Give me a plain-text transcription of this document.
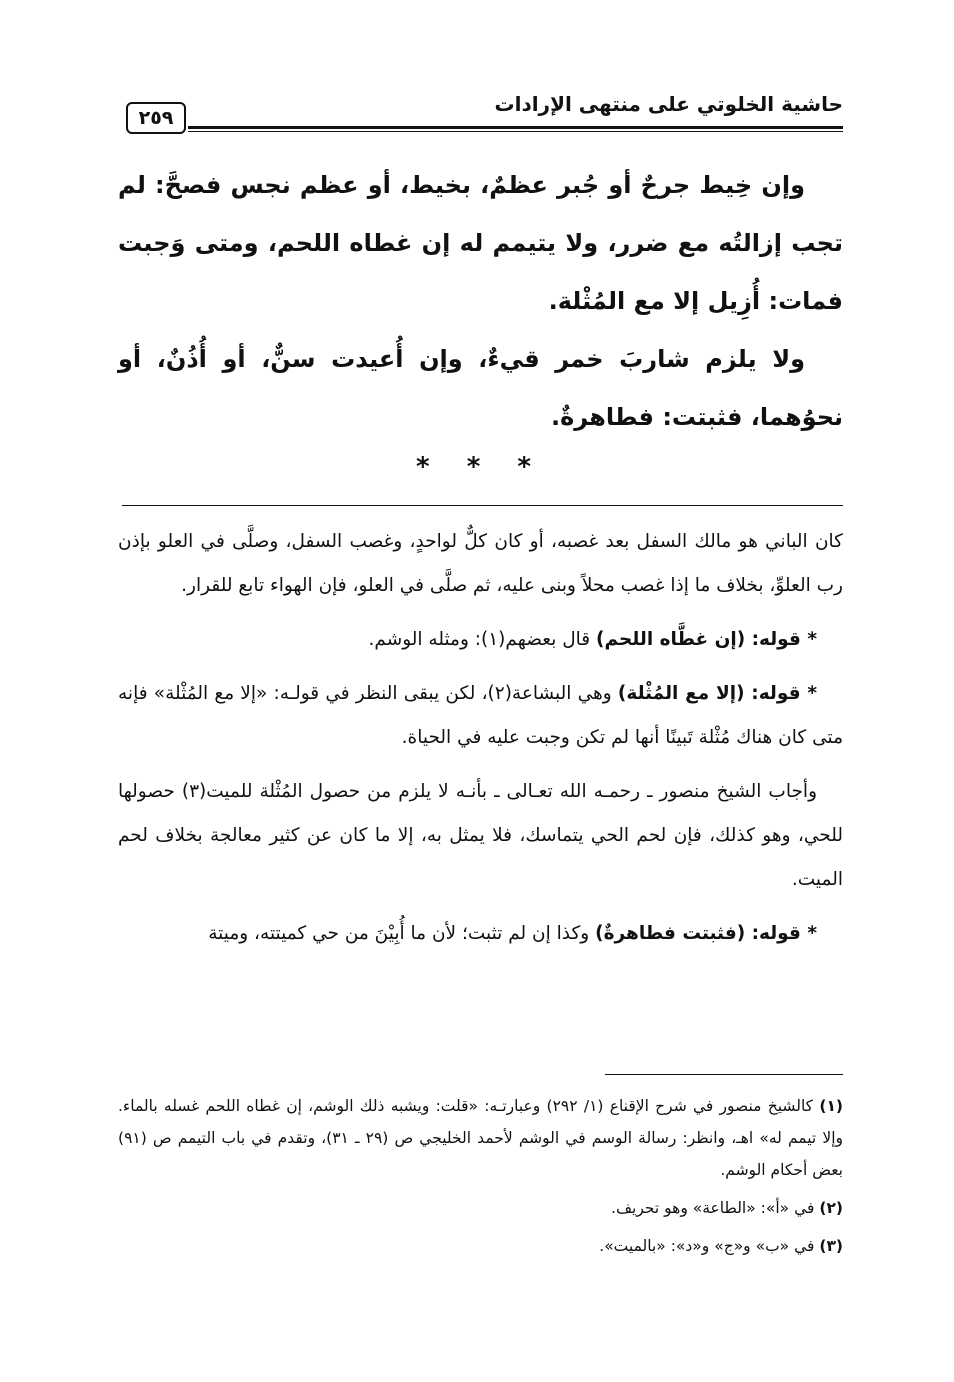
حاشية الخلوتي على منتهى الإرادات
٢٥٩

وإن خِيط جرحٌ أو جُبر عظمٌ، بخيط، أو عظم نجس فصحَّ: لم تجب إزالتُه مع ضرر، ولا يتيمم له إن غطاه اللحم، ومتى وَجبت فمات: أُزِيل إلا مع المُثْلة.

ولا يلزم شاربَ خمر قيءٌ، وإن أُعيدت سنٌّ، أو أُذُنٌ، أو نحوُهما، فثبتت: فطاهرةٌ.

* * *

كان الباني هو مالك السفل بعد غصبه، أو كان كلٌّ لواحدٍ، وغصب السفل، وصلَّى في العلو بإذن رب العلوِّ، بخلاف ما إذا غصب محلاً وبنى عليه، ثم صلَّى في العلو، فإن الهواء تابع للقرار.

* قوله: (إن غطَّاه اللحم) قال بعضهم(١): ومثله الوشم.

* قوله: (إلا مع المُثْلة) وهي البشاعة(٢)، لكن يبقى النظر في قولـه: «إلا مع المُثْلة» فإنه متى كان هناك مُثْلة تَبينًا أنها لم تكن وجبت عليه في الحياة.

وأجاب الشيخ منصور ـ رحمـه الله تعـالى ـ بأنـه لا يلزم من حصول المُثْلة للميت(٣) حصولها للحي، وهو كذلك، فإن لحم الحي يتماسك، فلا يمثل به، إلا ما كان عن كثير معالجة بخلاف لحم الميت.

* قوله: (فثبتت فطاهرةٌ) وكذا إن لم تثبت؛ لأن ما أُبِيْنَ من حي كميتته، وميتة

(١) كالشيخ منصور في شرح الإقناع (١/ ٢٩٢) وعبارتـه: «قلت: ويشبه ذلك الوشم، إن غطاه اللحم غسله بالماء. وإلا تيمم له» اهـ، وانظر: رسالة الوسم في الوشم لأحمد الخليجي ص (٢٩ ـ ٣١)، وتقدم في باب التيمم ص (٩١) بعض أحكام الوشم.

(٢) في «أ»: «الطاعة» وهو تحريف.

(٣) في «ب» و«ج» و«د»: «بالميت».
